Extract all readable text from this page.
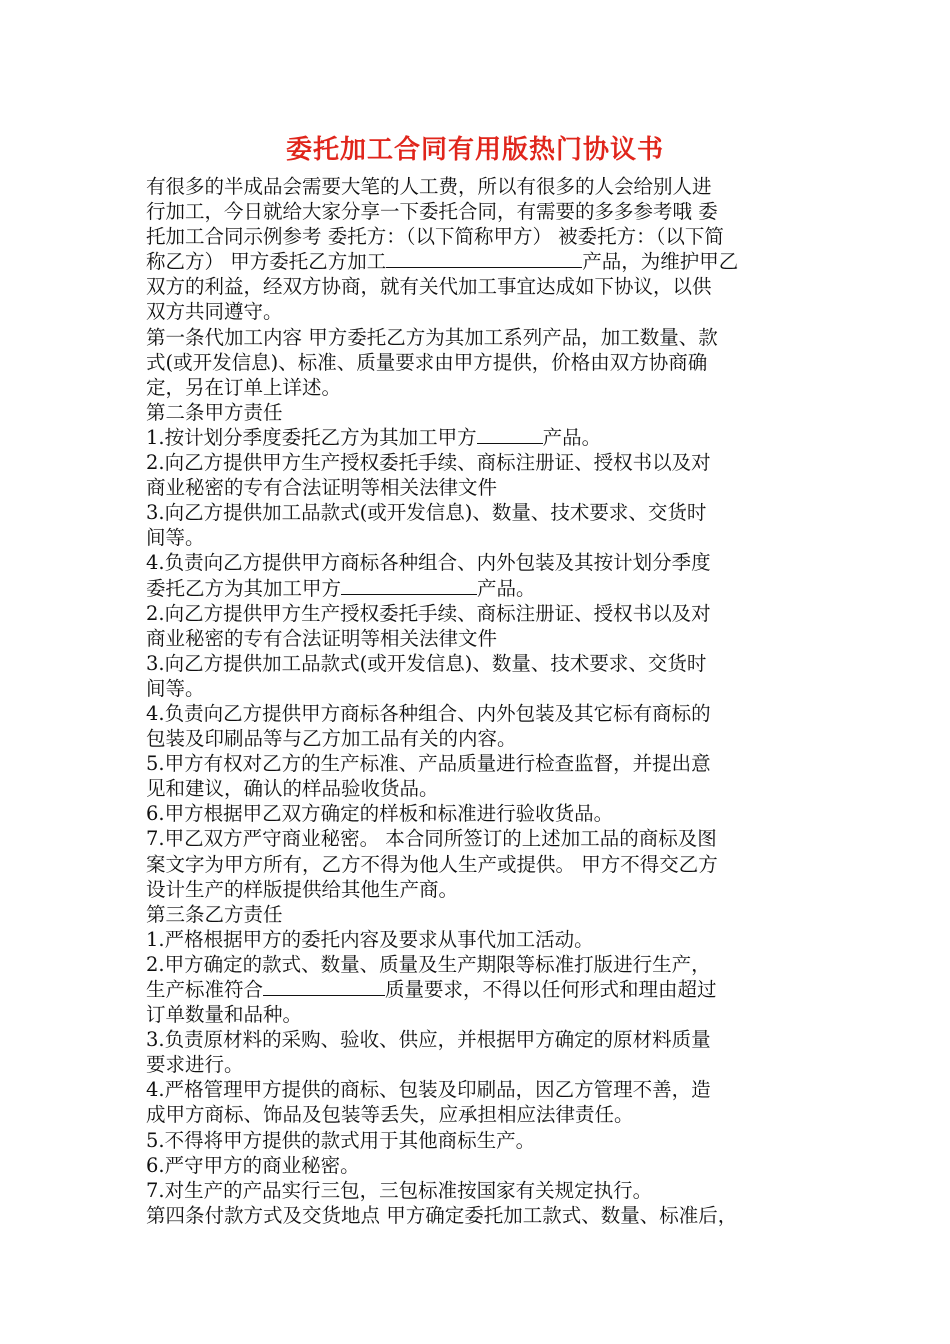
委托加工合同有用版热门协议书
有很多的半成品会需要大笔的人工费，所以有很多的人会给别人进
行加工，今日就给大家分享一下委托合同，有需要的多多参考哦 委
托加工合同示例参考 委托方：（以下简称甲方） 被委托方：（以下简
称乙方） 甲方委托乙方加工	产品，为维护甲乙
双方的利益，经双方协商，就有关代加工事宜达成如下协议，以供
双方共同遵守。
第一条代加工内容 甲方委托乙方为其加工系列产品，加工数量、款
式(或开发信息)、标准、质量要求由甲方提供，价格由双方协商确
定，另在订单上详述。
第二条甲方责任
1.按计划分季度委托乙方为其加工甲方	产品。
2.向乙方提供甲方生产授权委托手续、商标注册证、授权书以及对
商业秘密的专有合法证明等相关法律文件
3.向乙方提供加工品款式(或开发信息)、数量、技术要求、交货时
间等。
4.负责向乙方提供甲方商标各种组合、内外包装及其按计划分季度
委托乙方为其加工甲方	产品。
2.向乙方提供甲方生产授权委托手续、商标注册证、授权书以及对
商业秘密的专有合法证明等相关法律文件
3.向乙方提供加工品款式(或开发信息)、数量、技术要求、交货时
间等。
4.负责向乙方提供甲方商标各种组合、内外包装及其它标有商标的
包装及印刷品等与乙方加工品有关的内容。
5.甲方有权对乙方的生产标准、产品质量进行检查监督，并提出意
见和建议，确认的样品验收货品。
6.甲方根据甲乙双方确定的样板和标准进行验收货品。
7.甲乙双方严守商业秘密。 本合同所签订的上述加工品的商标及图
案文字为甲方所有，乙方不得为他人生产或提供。 甲方不得交乙方
设计生产的样版提供给其他生产商。
第三条乙方责任
1.严格根据甲方的委托内容及要求从事代加工活动。
2.甲方确定的款式、数量、质量及生产期限等标准打版进行生产，
生产标准符合	质量要求，不得以任何形式和理由超过
订单数量和品种。
3.负责原材料的采购、验收、供应，并根据甲方确定的原材料质量
要求进行。
4.严格管理甲方提供的商标、包装及印刷品，因乙方管理不善，造
成甲方商标、饰品及包装等丢失，应承担相应法律责任。
5.不得将甲方提供的款式用于其他商标生产。
6.严守甲方的商业秘密。
7.对生产的产品实行三包，三包标准按国家有关规定执行。
第四条付款方式及交货地点 甲方确定委托加工款式、数量、标准后，
